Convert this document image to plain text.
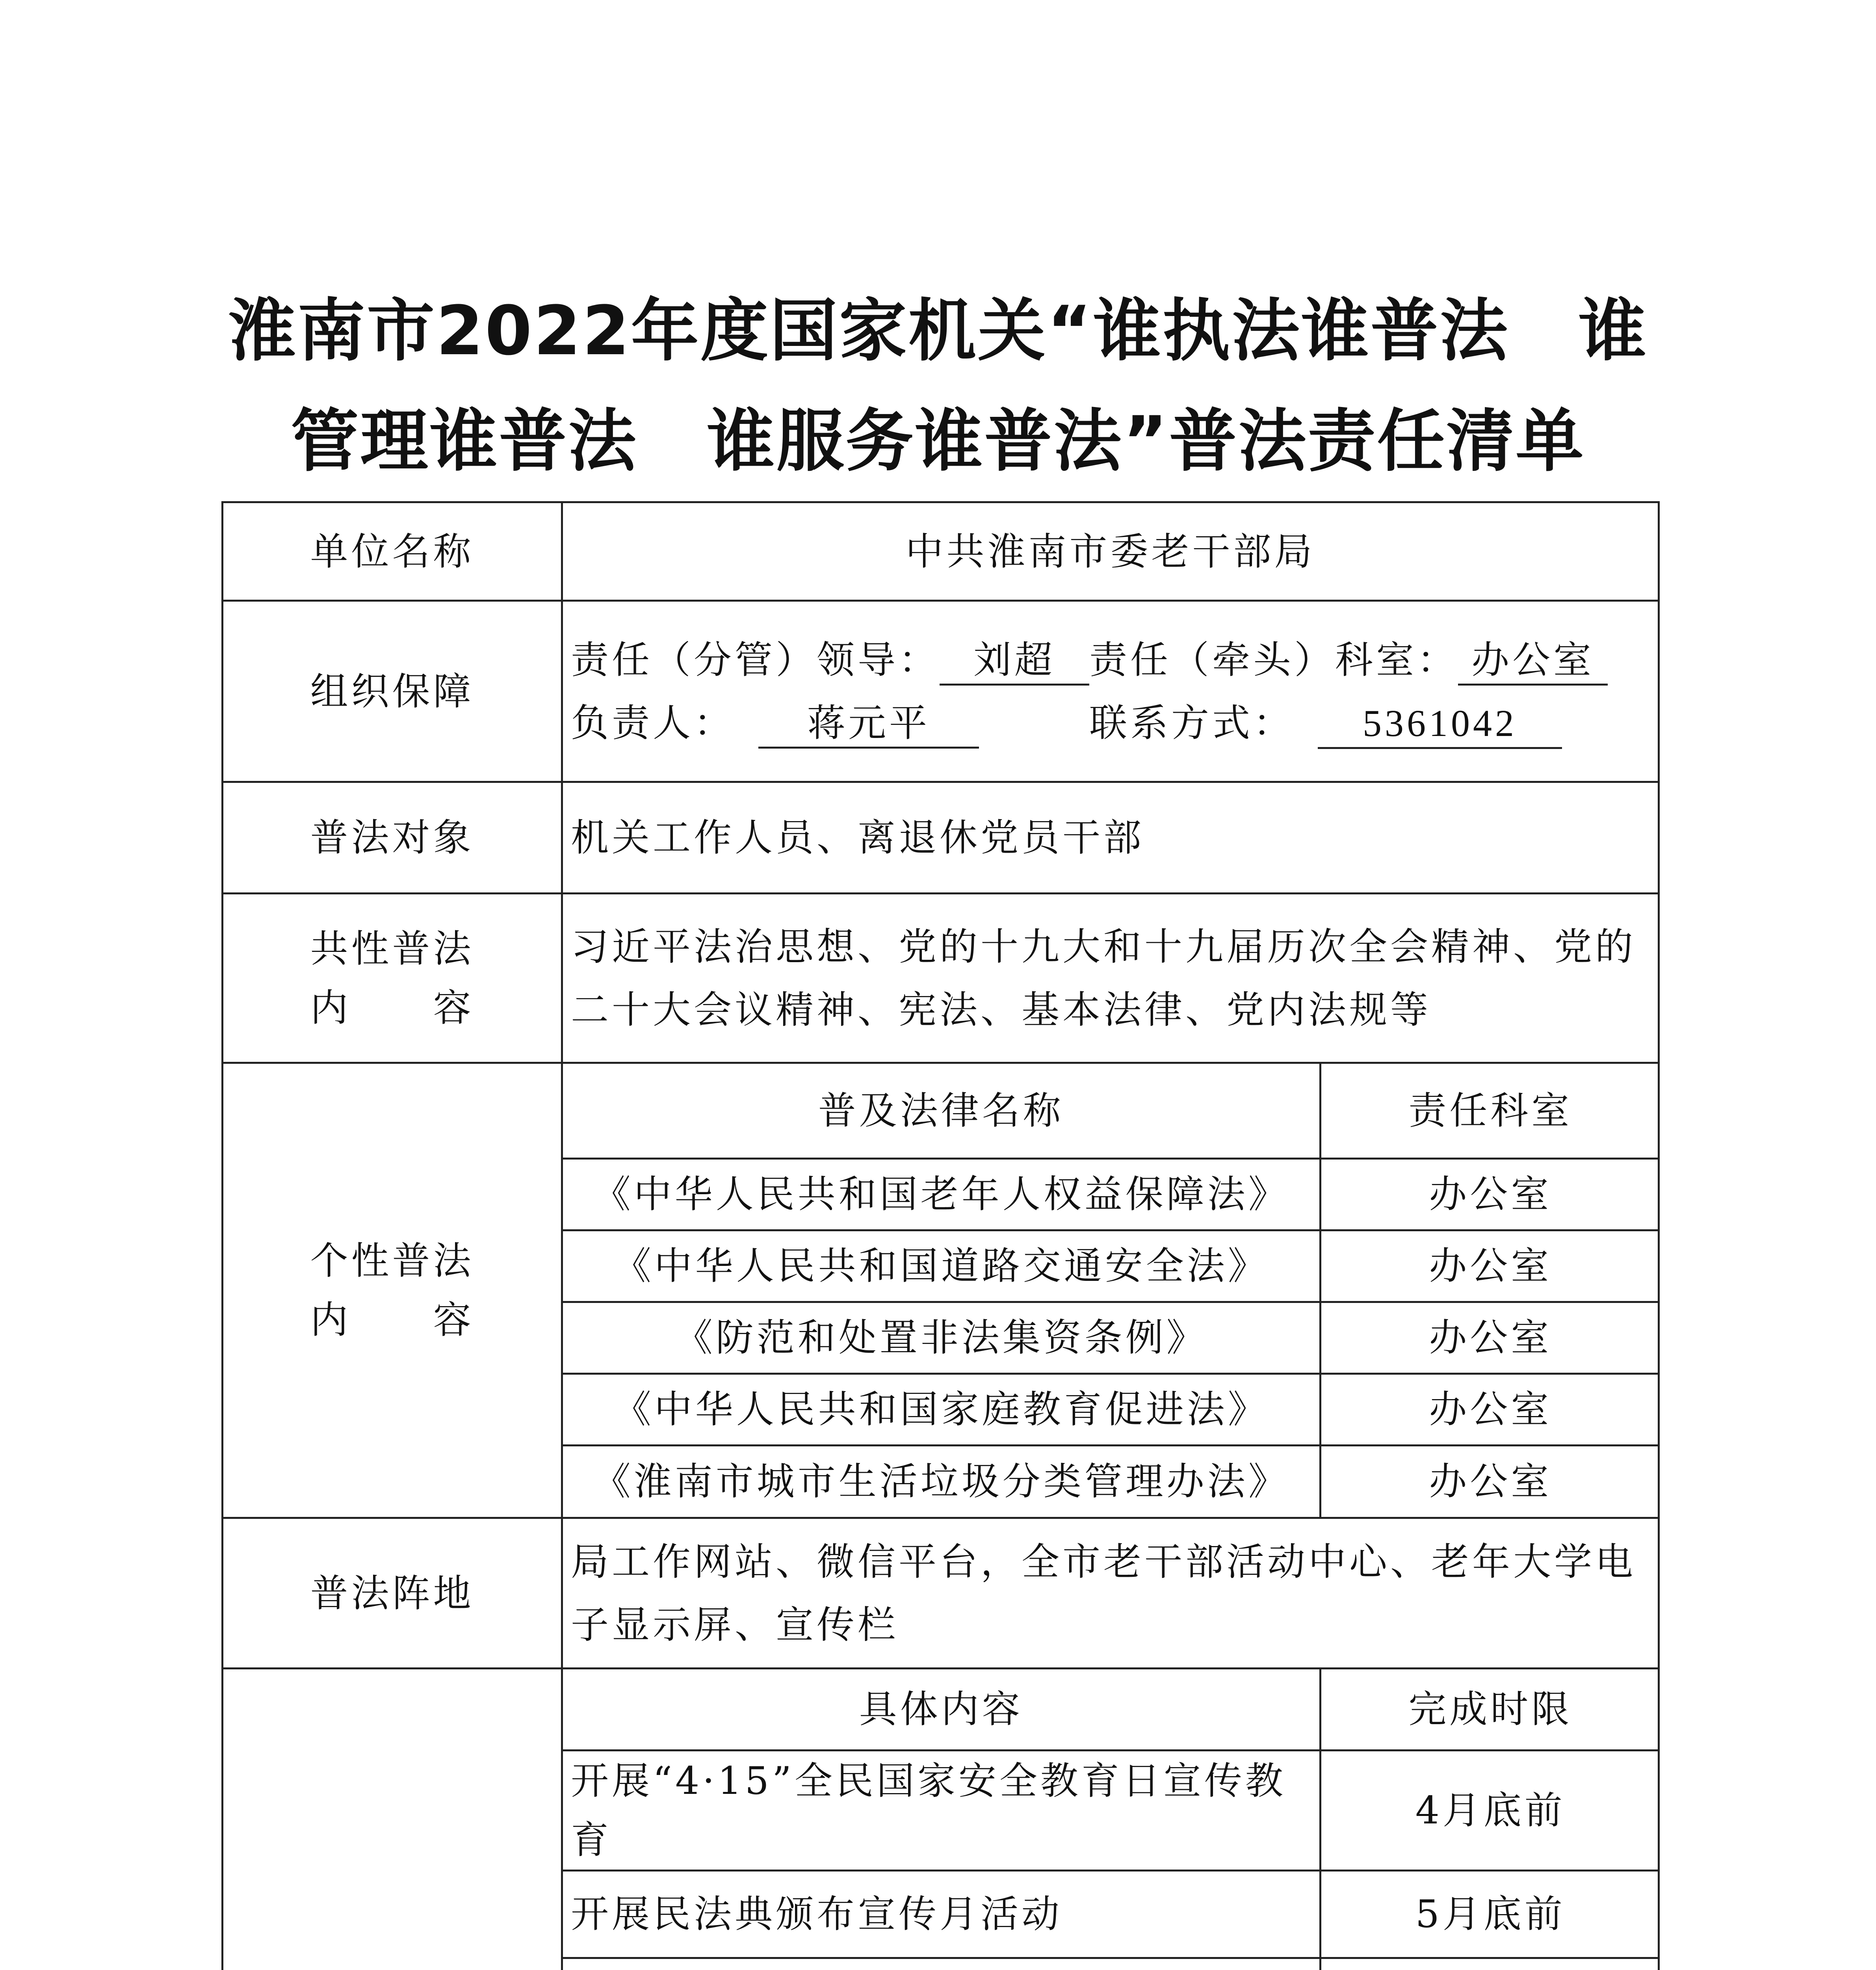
淮南市2022年度国家机关“谁执法谁普法　谁
管理谁普法　谁服务谁普法”普法责任清单
单位名称	中共淮南市委老干部局
组织保障	
责任（分管）领导： 刘超 责任（牵头）科室： 办公室
负责人： 蒋元平	联系方式： 5361042

普法对象	机关工作人员、离退休党员干部

共性普法
内　　容
	习近平法治思想、党的十九大和十九届历次全会精神、党的二十大会议精神、宪法、基本法律、党内法规等

个性普法
内　　容

普及法律名称	责任科室
《中华人民共和国老年人权益保障法》	办公室
《中华人民共和国道路交通安全法》	办公室
《防范和处置非法集资条例》	办公室
《中华人民共和国家庭教育促进法》	办公室
《淮南市城市生活垃圾分类管理办法》	办公室

普法阵地	局工作网站、微信平台，全市老干部活动中心、老年大学电子显示屏、宣传栏

具体内容	完成时限
开展“4·15”全民国家安全教育日宣传教育	4月底前
开展民法典颁布宣传月活动	5月底前
